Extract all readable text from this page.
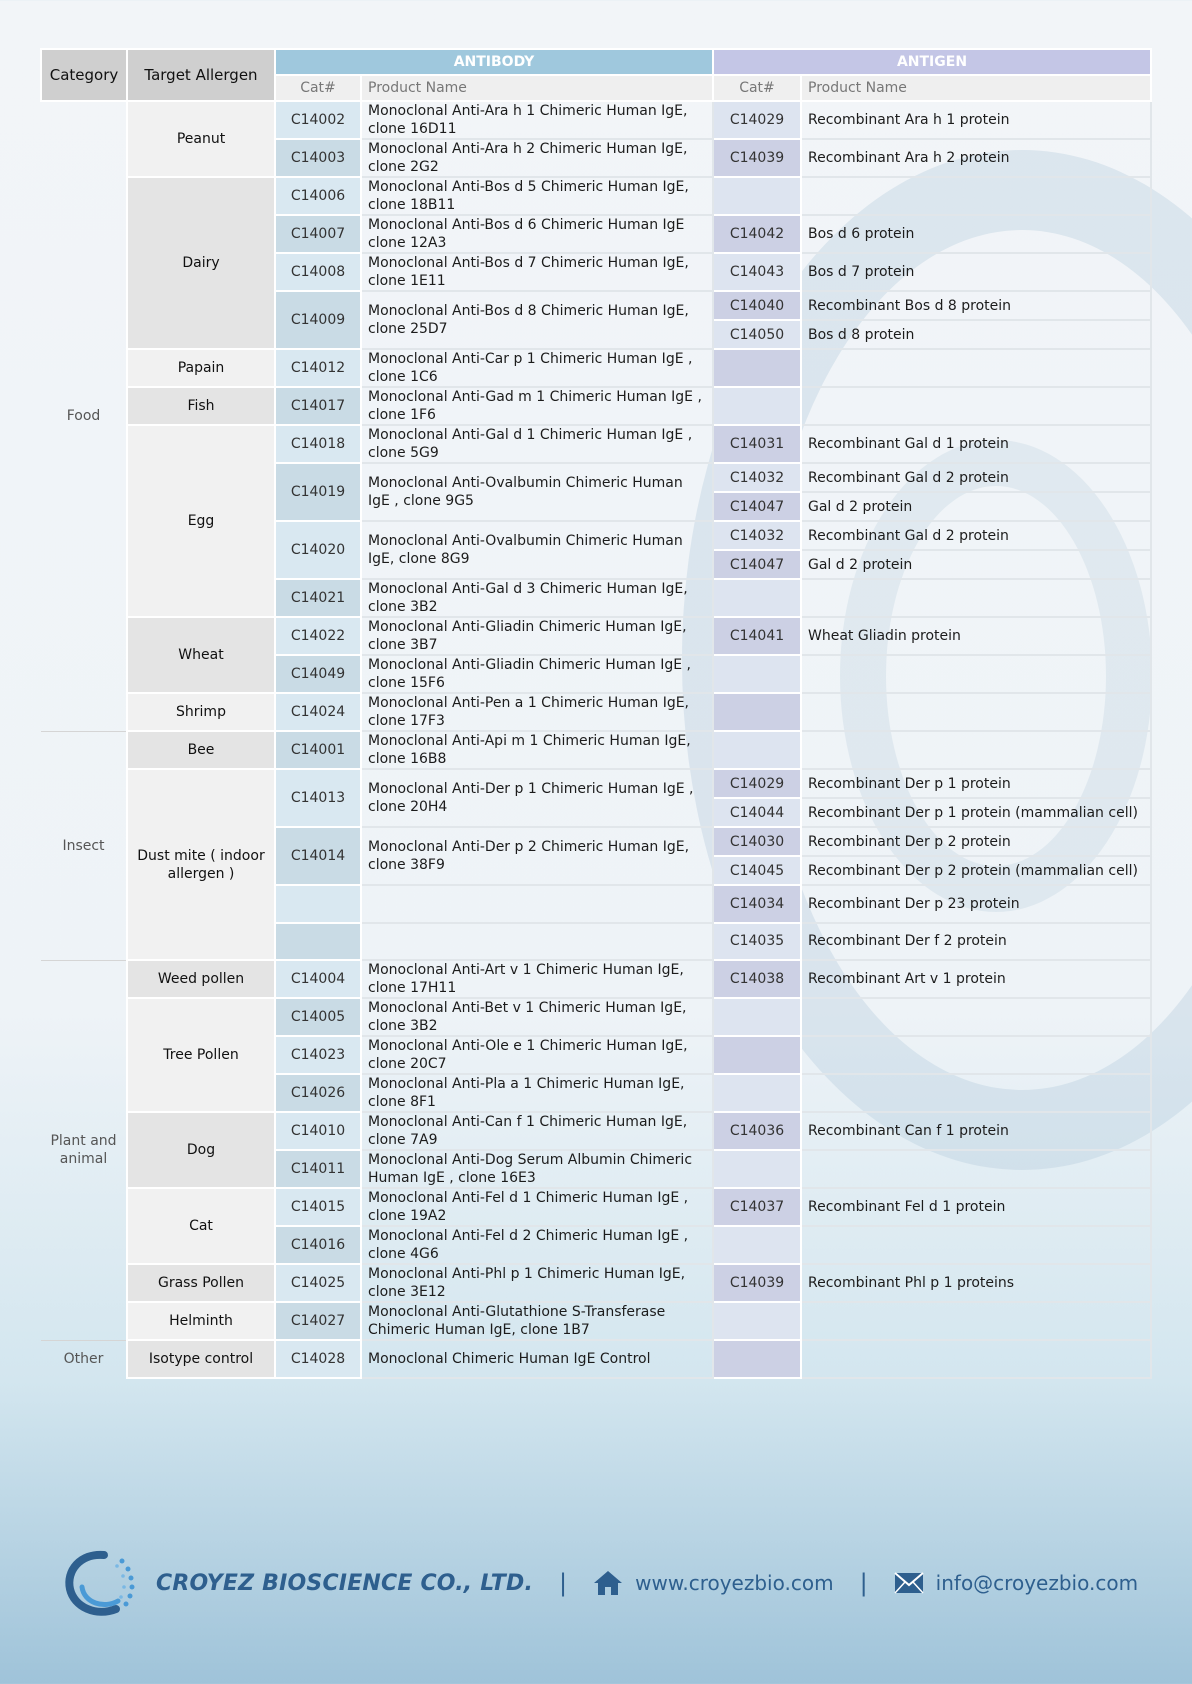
Category	Target Allergen	ANTIBODY		ANTIGEN	
		Cat#	Product Name	Cat#	Product Name
Food	Peanut	C14002	Monoclonal Anti-Ara h 1 Chimeric Human IgE, clone 16D11	C14029	Recombinant Ara h 1 protein
		C14003	Monoclonal Anti-Ara h 2 Chimeric Human IgE, clone 2G2	C14039	Recombinant Ara h 2 protein
	Dairy	C14006	Monoclonal Anti-Bos d 5 Chimeric Human IgE, clone 18B11		
		C14007	Monoclonal Anti-Bos d 6 Chimeric Human IgE clone 12A3	C14042	Bos d 6 protein
		C14008	Monoclonal Anti-Bos d 7 Chimeric Human IgE, clone 1E11	C14043	Bos d 7 protein
		C14009	Monoclonal Anti-Bos d 8 Chimeric Human IgE, clone 25D7	C14040	Recombinant Bos d 8 protein
				C14050	Bos d 8 protein
	Papain	C14012	Monoclonal Anti-Car p 1 Chimeric Human IgE , clone 1C6		
	Fish	C14017	Monoclonal Anti-Gad m 1 Chimeric Human IgE , clone 1F6		
	Egg	C14018	Monoclonal Anti-Gal d 1 Chimeric Human IgE , clone 5G9	C14031	Recombinant Gal d 1 protein
		C14019	Monoclonal Anti-Ovalbumin Chimeric Human IgE , clone 9G5	C14032	Recombinant Gal d 2 protein
				C14047	Gal d 2 protein
		C14020	Monoclonal Anti-Ovalbumin Chimeric Human IgE, clone 8G9	C14032	Recombinant Gal d 2 protein
				C14047	Gal d 2 protein
		C14021	Monoclonal Anti-Gal d 3 Chimeric Human IgE, clone 3B2		
	Wheat	C14022	Monoclonal Anti-Gliadin Chimeric Human IgE, clone 3B7	C14041	Wheat Gliadin protein
		C14049	Monoclonal Anti-Gliadin Chimeric Human IgE , clone 15F6		
	Shrimp	C14024	Monoclonal Anti-Pen a 1 Chimeric Human IgE, clone 17F3		
Insect	Bee	C14001	Monoclonal Anti-Api m 1 Chimeric Human IgE, clone 16B8		
	Dust mite ( indoor allergen )	C14013	Monoclonal Anti-Der p 1 Chimeric Human IgE , clone 20H4	C14029	Recombinant Der p 1 protein
				C14044	Recombinant Der p 1 protein (mammalian cell)
		C14014	Monoclonal Anti-Der p 2 Chimeric Human IgE, clone 38F9	C14030	Recombinant Der p 2 protein
				C14045	Recombinant Der p 2 protein (mammalian cell)
				C14034	Recombinant Der p 23 protein
				C14035	Recombinant Der f 2 protein
Plant and animal	Weed pollen	C14004	Monoclonal Anti-Art v 1 Chimeric Human IgE, clone 17H11	C14038	Recombinant Art v 1 protein
	Tree Pollen	C14005	Monoclonal Anti-Bet v 1 Chimeric Human IgE, clone 3B2		
		C14023	Monoclonal Anti-Ole e 1 Chimeric Human IgE, clone 20C7		
		C14026	Monoclonal Anti-Pla a 1 Chimeric Human IgE, clone 8F1		
	Dog	C14010	Monoclonal Anti-Can f 1 Chimeric Human IgE, clone 7A9	C14036	Recombinant Can f 1 protein
		C14011	Monoclonal Anti-Dog Serum Albumin Chimeric Human IgE , clone 16E3		
	Cat	C14015	Monoclonal Anti-Fel d 1 Chimeric Human IgE , clone 19A2	C14037	Recombinant Fel d 1 protein
		C14016	Monoclonal Anti-Fel d 2 Chimeric Human IgE , clone 4G6		
	Grass Pollen	C14025	Monoclonal Anti-Phl p 1 Chimeric Human IgE, clone 3E12	C14039	Recombinant Phl p 1 proteins
	Helminth	C14027	Monoclonal Anti-Glutathione S-Transferase Chimeric Human IgE, clone 1B7		
Other	Isotype control	C14028	Monoclonal Chimeric Human IgE Control		
CROYEZ BIOSCIENCE CO., LTD. |	www.croyezbio.com |	info@croyezbio.com
